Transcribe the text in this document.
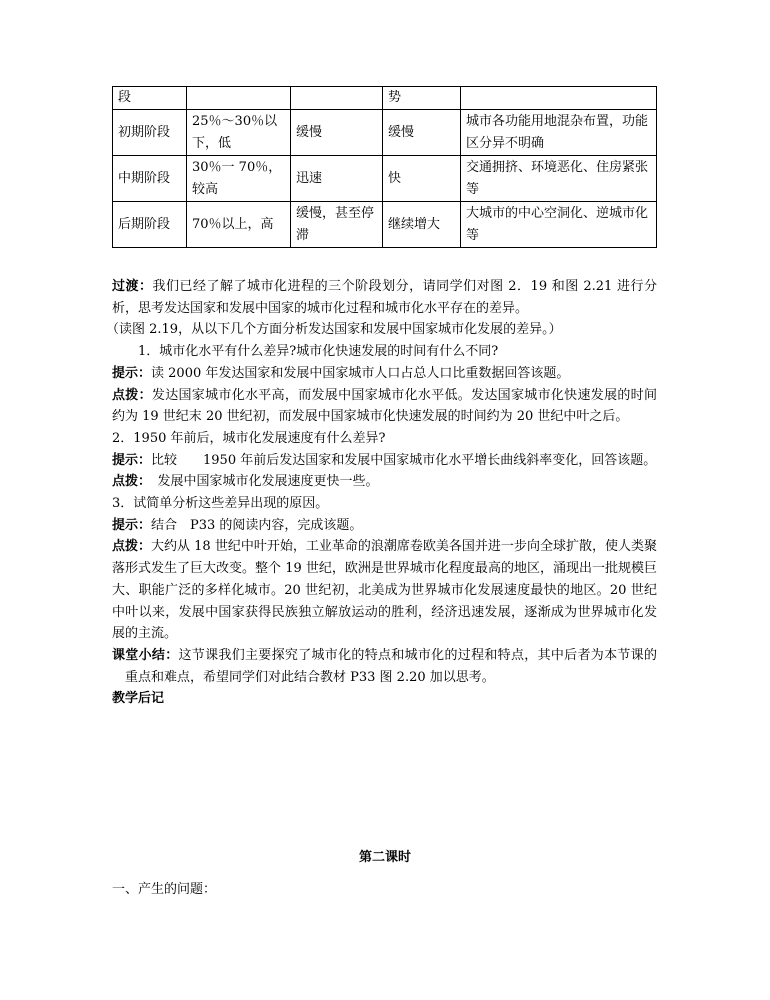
段			势	
初期阶段	25％～30％以下，低	缓慢	缓慢	城市各功能用地混杂布置，功能区分异不明确
中期阶段	30％一 70％，较高	迅速	快	交通拥挤、环境恶化、住房紧张等
后期阶段	70％以上，高	缓慢，甚至停滞	继续增大	大城市的中心空洞化、逆城市化等

过渡：我们已经了解了城市化进程的三个阶段划分，请同学们对图 2．19 和图 2.21 进行分析，思考发达国家和发展中国家的城市化过程和城市化水平存在的差异。

（读图 2.19，从以下几个方面分析发达国家和发展中国家城市化发展的差异。）

1．城市化水平有什么差异?城市化快速发展的时间有什么不同?

提示：读 2000 年发达国家和发展中国家城市人口占总人口比重数据回答该题。

点拨：发达国家城市化水平高，而发展中国家城市化水平低。发达国家城市化快速发展的时间约为 19 世纪末 20 世纪初，而发展中国家城市化快速发展的时间约为 20 世纪中叶之后。

2．1950 年前后，城市化发展速度有什么差异?

提示：比较　　1950 年前后发达国家和发展中国家城市化水平增长曲线斜率变化，回答该题。

点拨：　发展中国家城市化发展速度更快一些。

3．试简单分析这些差异出现的原因。

提示：结合　P33 的阅读内容，完成该题。

点拨：大约从 18 世纪中叶开始，工业革命的浪潮席卷欧美各国并进一步向全球扩散，使人类聚落形式发生了巨大改变。整个 19 世纪，欧洲是世界城市化程度最高的地区，涌现出一批规模巨大、职能广泛的多样化城市。20 世纪初，北美成为世界城市化发展速度最快的地区。20 世纪中叶以来，发展中国家获得民族独立解放运动的胜利，经济迅速发展，逐渐成为世界城市化发展的主流。

课堂小结：这节课我们主要探究了城市化的特点和城市化的过程和特点，其中后者为本节课的重点和难点，希望同学们对此结合教材 P33 图 2.20 加以思考。

教学后记

第二课时
一、产生的问题：
